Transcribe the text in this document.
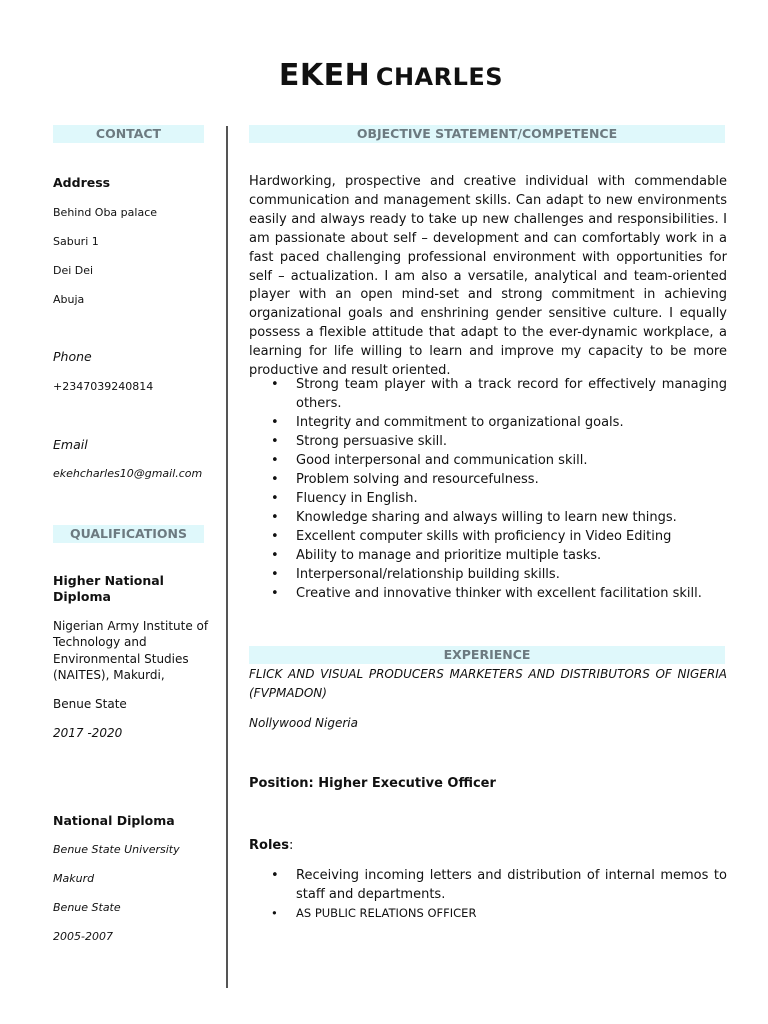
EKEH CHARLES
CONTACT	OBJECTIVE STATEMENT/COMPETENCE
QUALIFICATIONS
EXPERIENCE
Address
Behind Oba palace
Saburi 1
Dei Dei
Abuja
Phone
+2347039240814
Email
ekehcharles10@gmail.com
Higher National
Diploma
Nigerian Army Institute of
Technology and
Environmental Studies
(NAITES), Makurdi,
Benue State
2017 -2020
National Diploma
Benue State University
Makurd
Benue State
2005-2007
Hardworking, prospective and creative individual with commendable communication and management skills. Can adapt to new environments easily and always ready to take up new challenges and responsibilities. I am passionate about self – development and can comfortably work in a fast paced challenging professional environment with opportunities for self – actualization. I am also a versatile, analytical and team-oriented player with an open mind-set and strong commitment in achieving organizational goals and enshrining gender sensitive culture. I equally possess a flexible attitude that adapt to the ever-dynamic workplace, a learning for life willing to learn and improve my capacity to be more productive and result oriented.
• Strong team player with a track record for effectively managing others.
• Integrity and commitment to organizational goals.
• Strong persuasive skill.
• Good interpersonal and communication skill.
• Problem solving and resourcefulness.
• Fluency in English.
• Knowledge sharing and always willing to learn new things.
• Excellent computer skills with proficiency in Video Editing
• Ability to manage and prioritize multiple tasks.
• Interpersonal/relationship building skills.
• Creative and innovative thinker with excellent facilitation skill.
FLICK AND VISUAL PRODUCERS MARKETERS AND DISTRIBUTORS OF NIGERIA (FVPMADON)
Nollywood Nigeria
Position: Higher Executive Officer
Roles:
• Receiving incoming letters and distribution of internal memos to staff and departments.
• AS PUBLIC RELATIONS OFFICER
